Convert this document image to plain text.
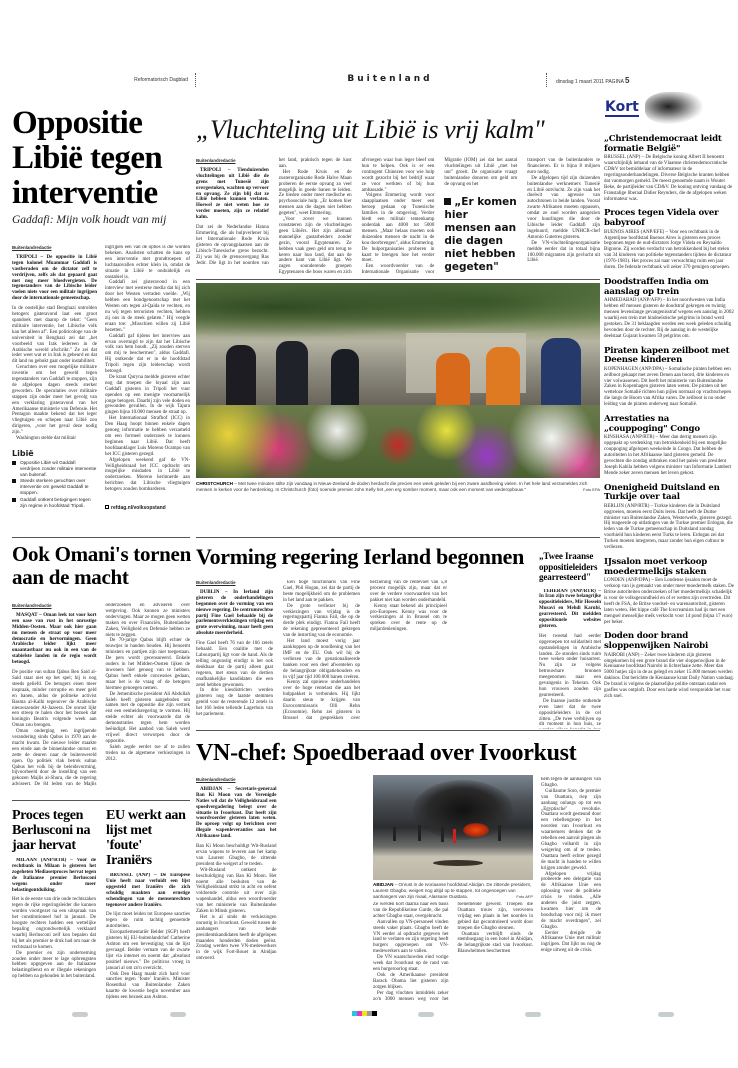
Reformatorisch Dagblad	Buitenland	dinsdag 1 maart 2011 PAGINA 5
Oppositie
Libië tegen
interventie
Gaddafi: Mijn volk houdt van mij
Buitenlandredactie

TRIPOLI – De oppositie in Libië tegen kolonel Muammar Gaddafi is vastberaden om de dictator zelf te verdrijven, zelfs als dat gepaard gaat met nog meer bloedvergieten. De tegenstanders van de Libische leider voelen niets voor een militair ingrijpen door de internationale gemeenschap.

In de oostelijke stad Benghazi ontrolden betogers gisteravond laat een groot spandoek met daarop de tekst: "Geen militaire interventie, het Libische volk kan het alleen af". Een politicologe van de universiteit in Benghazi zei dat „het voorbeeld van Irak iedereen in de Arabische wereld afschrikt." Ze zei dat ieder weet wat er in Irak is gebeurd en dat dit land nu gebukt gaat onder instabiliteit.

Geruchten over een mogelijke militaire inventie om het geweld tegen tegenstanders van Gaddafi te stoppen, zijn de afgelopen dagen steeds sterker geworden. De speculaties over militaire stappen zijn onder meer het gevolg van een verklaring gisteravond van het Amerikaanse ministerie van Defensie. Het Pentagon maakte bekend dat het leger vliegtuigen en schepen naar Libië zou dirigeren, „voor het geval deze nodig zijn."

Washington stelde dat militair

Libië
Oppositie Libië wil Gaddafi verdrijven zonder militaire interventie van buitenaf.
Steeds sterkere geruchten over interventie om geweld Gaddafi te stoppen.
Gaddafi ontkent betogingen tegen zijn regime in hoofdstad Tripoli.

ingrijpen een van de opties is die worden bekeken. Analisten schatten de kans op een interventie met grondtroepen of luchtaanvallen echter klein in, omdat de situatie in Libië te onduidelijk en onstabiel is.

Gaddafi zei gisteravond in een interview met westerse media dat hij zich door het Westen verraden voelde. „Wij hebben een bondgenootschap met het Westen om tegen al-Qaida te vechten, en nu wij tegen terroristen vechten, hebben zij ons in de steek gelaten." Hij voegde eraan toe: „Misschien willen zij Libië bezetten."

Gaddafi gaf tijdens het interview aan ervan overtuigd te zijn dat het Libische volk van hem houdt. „Zij zouden sterven om mij te beschermen", aldus Gaddafi. Hij ontkende dat er in de hoofdstad Tripoli tegen zijn leiderschap wordt betoogd.

De krant Quryna meldde gisteren echter nog dat troepen die loyaal zijn aan Gaddafi gisteren in Tripoli het vuur openden op een menigte voornamelijk jonge betogers. Daarbij zijn vele doden en gewonden gevallen. In de wijk Tajura gingen bijna 10.000 mensen de straat op.

Het Internationaal Strafhof (ICC) in Den Haag hoopt binnen enkele dagen genoeg informatie te hebben verzameld om een formeel onderzoek te kunnen beginnen naar Libië. Dat heeft hoofdaanklager Luis Moreno Ocampo van het ICC gisteren gezegd.

Afgelopen weekend gaf de VN-Veiligheidsraad het ICC opdracht om mogelijke misdaden in Libië te onderzoeken. Moreno herinnerde aan berichten dat Libische vliegtuigen betogers zouden bombarderen.

refdag.nl/volksopstand
„Vluchteling uit Libië is vrij kalm"
Buitenlandredactie

TRIPOLI – Tienduizenden vluchtelingen uit Libië die de grens met Tunesië zijn overgestoken, wachten op vervoer en opvang. Ze zijn blij dat ze Libië hebben kunnen verlaten. Hoewel ze niet weten hoe ze verder moeten, zijn ze relatief kalm.

Dat zei de Nederlandse Hanna Emmering, die als hulpverlener bij het Internationale Rode Kruis gisteren de opvangplaatsen aan de Libisch-Tunesische grens bezocht. Zij was bij de grensovergang Ras Jedir. Die ligt in het noorden van het land, praktisch tegen de kust aan.

Het Rode Kruis en de zusterorganisatie Rode Halve Maan proberen de eerste opvang zo veel mogelijk in goede banen te leiden. Ze bieden onder meer medische en psychosociale hulp. „Er komen hier mensen aan die dagen niet hebben gegeten", weet Emmering.

„Voor zover we kunnen constateren zijn de vluchtelingen geen Libiërs. Het zijn allemaal mannelijke gastarbeiders zonder gezin, vooral Egyptenaren. Ze hebben vaak geen geld om terug te keren naar hun land, dat aan de andere kant van Libië ligt. We zagen sounderende groepen Egyptenaren die boos waren en zich afvroegen waar hun leger bleef om hun te helpen. Ook is er een contingent Chinezen voor wie hulp wordt gezocht bij het bedrijf waar ze voor werkten of bij hun ambassade."

Volgens Emmering wordt voor slaapplaatsen onder meer een beroep gedaan op Tunesische families in de omgeving. Verder biedt een militair tentenkamp onderdak aan 4000 tot 5000 mensen. „Maar helaas moeten ook duizenden mensen de nacht in de kou doorbrengen", aldus Emmering. De hulporganisaties proberen in kaart te brengen hoe het verder moet.

Een woordvoerder van de Internationale Organisatie voor Migratie (IOM) zei dat het aantal vluchtelingen uit Libië „met het uur" groeit. De organisatie vraagt buitenlandse donoren om geld om de opvang en het

„Er komen hier mensen aan die dagen niet hebben gegeten"

transport van de buitenlanders te financieren. Er is bijna 8 miljoen euro nodig.

De afgelopen tijd zijn duizenden buitenlandse werknemers Tunesië en Libië ontvlucht. Ze zijn vaak het doelwit van agressie van autochtonen in beide landen. Vooral zwarte Afrikanen moeten oppassen, omdat ze snel worden aangezien voor huurlingen die door de Libische leider Gaddafi zijn ingehuurd, meldde UNHCR-chef Antonio Guterres gisteren.

De VN-vluchtelingenorganisatie meldde eerder dat in totaal bijna 100.000 migranten zijn gevlucht uit Libië.

CHRISTCHURCH – Met twee minuten stilte zijn vandaag in Nieuw-Zeeland de doden herdacht die precies een week geleden bij een zware aardbeving vielen. In het hele land verzamelden zich mensen in kerken voor de herdenking. In Christchurch (foto) noemde premier John Kelly het „een erg somber moment, maar ook een moment van wederopbouw."	Foto EPA
Ook Omani's tornen aan de macht
Buitenlandredactie

MASQAT – Oman leek tot voor kort een oase van rust in het onrustige Midden-Oosten. Maar ook hier gaan nu mensen de straat op voor meer democratie en hervormingen. Geen Arabische leider lijkt meer onaantastbaar nu ook in een van de stabielste landen in de regio wordt betoogd.

De positie van sultan Qabus Ben Said al-Said staat niet op het spel; hij is nog steeds geliefd. De betogers eisen meer inspraak, minder corruptie en meer geld en banen, aldus de politieke activist Basma al-Kalhi tegenover de Arabische nieuwszender Al-Jazeera. De onrust lijkt een streep te halen door het bezoek dat koningin Beatrix volgende week aan Oman zou brengen.

Oman onderging een ingrijpende verandering sinds Qabus in 1970 aan de macht kwam. De nieuwe leider maakte een einde aan de binnenlandse onrust en zette de deuren naar de buitenwereld open. Op politiek vlak betrok sultan Qabus het volk bij de beleidsvorming, bijvoorbeeld door de instelling van een gekozen Majlis al-Shura, die de regering adviseert. De 84 leden van de Majlis onderzoeken en adviseren over wetgeving. Ook kunnen ze ministers ondervragen. Maar ze mogen geen wetten maken en over Financiën, Buitenlandse Zaken, Veiligheid en Defensie hebben ze niets te zeggen.

De 70-jarige Qabus blijft echter de touwtjes in handen houden. Hij benoemt ministers en partijen zijn niet toegestaan. De pers wordt gecensureerd. Enkele ouders in het Midden-Oosten lijken de inwoners hier genoeg van te hebben. Qabus heeft enkele concessies gedaan, maar het is de vraag of de betogers hiermee genoegen nemen.

De Jemenitische president Ali Abdullah Saleh heeft gisteren aangeboden om samen met de oppositie die zijn vertrek eist een eenheidsregering te vormen. Hij stelde echter als voorwaarde dat de demonstraties tegen hem worden beëindigd. Het aanbod van Saleh werd vrijwel direct verworpen door de oppositie.

Saleh zegde eerder toe af te zullen treden na de algemene verkiezingen in 2012.

Proces tegen Berlusconi na jaar hervat

MILAAN (ANP/RTR) – Voor de rechtbank in Milaan is gisteren het zogeheten Mediasetproces hervat tegen de Italiaanse premier Berlusconi wegens onder meer belastingontduiking.

Het is de eerste van drie oude rechtszaken tegen de rijke regeringsleider die kunnen worden voortgezet na een uitspraak van het constitutioneel hof in januari. De hoogste rechters hadden een wettelijke bepaling ongrondwettelijk verklaard waarbij Berlusconi zelf kon bepalen dat hij het als premier te druk had om naar de rechtszaal te komen.

De premier en zijn onderneming zouden onder meer te lage opbrengsten hebben opgegeven aan de Italiaanse belastingdienst en er illegale rekeningen op hebben na gehouden in het buitenland.

EU werkt aan lijst met 'foute' Iraniërs

BRUSSEL (ANP) – De Europese Unie heeft naar verluidt een lijst opgesteld met Iraniërs die zich schuldig maakten aan ernstige schendingen van de mensenrechten tegenover andere Iraniërs.

De lijst moet leiden tot Europese sancties tegen de ruim tachtig genoemde autoriteiten.

Europarlementariër Belder (SGP) heeft gisteren bij EU-buitenlandchef Catherine Ashton om een bevestiging van de lijst gevraagd. Belder vernam van de zwarte lijst via internet en noemt dat „absoluut positief nieuws." De politicus vroeg in januari al om zo'n overzicht.

Ook Den Haag maakt zich hard voor sancties tegen 'foute' Iraniërs. Minister Rosenthal van Buitenlandse Zaken kaartte de kwestie begin november aan tijdens een bezoek aan Ashton.

Vorming regering Ierland begonnen
Buitenlandredactie

DUBLIN – In Ierland zijn gisteren de onderhandelingen begonnen over de vorming van een nieuwe regering. De centrumrechtse partij Fine Gael behaalde bij de parlementsverkiezingen vrijdag een grote overwinning, maar heeft geen absolute meerderheid.

Fine Gael heeft 76 van de 166 zetels behaald. Een coalitie met de Labourpartij ligt voor de hand. Als de telling ongunstig eindigt is het ook denkbaar dat de partij alleen gaat regeren, met steun van de dertien onafhankelijke kandidaten die een zetel hebben gewonnen.

In drie kiesdistricten werden gisteren nog de laatste stemmen geteld voor de resterende 12 zetels in het 166 leden tellende Lagerhuis van het parlement.

Een hoge functionaris van Fine Gael, Phil Hogan, zei dat de partij de beste mogelijkheid om de problemen in het land aan te pakken.

De grote verliezer bij de verkiezingen van vrijdag is de regeringspartij Fianna Fail, die op de derde plek eindigt. Fianna Fail heeft de rekening gepresenteerd gekregen van de instorting van de economie.

Het land moest vorig jaar aankloppen op de noodlening van het IMF en de EU. Ook wil hij de verliezen van de genationaliseerde banken voor een deel afwentelen op de belangrijkste obligatiehouders en in vijf jaar tijd 100.000 banen creëren.

Kenny zal opnieuw onderhandelen over de hoge rentelast die aan het hulppakket is verbonden. Hij lijkt daarin steun te krijgen van Eurocommissaris Olli Rehn (Economie). Rehn zei gisteren in Brussel dat gesprekken over herziening van de rentevoet van 5,8 procent mogelijk zijn, maar dat er over de verdere voorwaarden van het pakket niet kan worden onderhandeld.

Kenny staat bekend als principieel pro-Europees. Kenny was voor de verkiezingen al in Brussel om te spreken over de rente op de miljardenleningen.

„Twee Iraanse oppositieleiders gearresteerd"

TEHERAN (ANP/RTR) – In Iran zijn twee belangrijke oppositieleiders, Mir Hossein Musavi en Mehdi Karubi, gearresteerd. Dit meldden oppositionele websites gisteren.

Het tweetal had eerder opgeroepen tot solidariteit met opstandelingen in Arabische landen. Ze stonden sinds ruim twee weken onder huisarrest. Nu zijn ze volgens betrouwbare bronnen meegenomen naar een gevangenis in Teheran. Ook hun vrouwen zouden zijn gearresteerd.

De Iraanse justitie ontkende even later dat de twee oppositieleiders in de cel zitten. „De twee verblijven op dit moment in hun huis, ze

VN-chef: Spoedberaad over Ivoorkust
Buitenlandredactie

ABIDJAN – Secretaris-generaal Ban Ki Moon van de Verenigde Naties wil dat de Veiligheidsraad een spoedvergadering belegt over de situatie in Ivoorkust. Dat heeft zijn woordvoerder gisteren laten weten. De oproep volgt op berichten over illegale wapenleveranties aan het Afrikaanse land.

Ban Ki Moon beschuldigt Wit-Rusland ervan wapens te leveren aan het kamp van Laurent Gbagbo, de zittende president die weigert af te treden.

Wit-Rusland ontkent de beschuldiging van Ban Ki Moon. Het noemt alle besluiten van de Veiligheidsraad strikt in acht en oefent voldoende controle uit over zijn wapenhandel, aldus een woordvoerder van het ministerie van Buitenlandse Zaken in Minsk gisteren.

Het is al sinds de verkiezingen onrustig in Ivoorkust. Geweld tussen de aanhangers van beide presidentskandidaten heeft de afgelopen maanden honderden doden geëist. Zondag werden twee VN-medewerkers in de wijk Fort-Bouet in Abidjan ontvoerd.

ABIDJAN – Onrust in de Ivoriaanse hoofdstad Abidjan. De zittende president, Laurent Gbagbo, weigert nog altijd op te stappen, tot ongenoegen van aanhangers van zijn rivaal, Alassane Ouattara.	Foto AFP

Ze werden kort daarna naar een basis van de Republikeinse Garde, die pal achter Gbagbo staat, overgebracht.

Aanvallen op VN-personeel vinden steeds vaker plaats. Gbagbo heeft de VN eerder al opdracht gegeven het land te verlaten en zijn regering heeft burgers opgeroepen om VN-medewerkers aan te vallen.

De VN waarschuwden eind vorige week dat Ivoorkust op de rand van een burgeroorlog staat.

Ook de Amerikaanse president Barack Obama liet gisteren zijn zorgen blijken.

Per dag vluchten inmiddels zeker zo'n 3000 mensen weg voor het toenemende geweld. Troepen die Ouattara trouw zijn, veroveren vrijdag een plaats in het noorden in gebied dat gecontroleerd wordt door troepen die Gbagbo steunen.

Ouattara verblijft sinds de stembusgang in een hotel in Abidjan, de belangrijkste stad van Ivoorkust. Blauwhelmen beschermen

hem tegen de aanhangers van Gbagbo.

Guillaume Soro, de premier van Ouattara, riep zijn aanhang onlangs op tot een „Egyptische" revolutie. Ouattara wordt gesteund door een rebellengroep in het noorden van Ivoorkust en waarnemers denken dat de rebellen een aanval plegen als Gbagbo volhardt in zijn weigering om af te treden. Ouattara heeft echter gezegd de macht in handen te willen krijgen zonder geweld.

Afgelopen vrijdag probeerde een delegatie van de Afrikaanse Unie een oplossing voor de politieke crisis te vinden. „Alle anderen die juist zeggen, kwamen hier om de boodschap voor mij: ik moet de macht overdragen", zei Gbagbo.

Eerder dreigde de Afrikaanse Unie met militair ingrijpen. Dat lijkt nu nog de enige uitweg uit de crisis.

Kort
„Christendemocraat leidt formatie België"
BRUSSEL (ANP) – De Belgische koning Albert II benoemt waarschijnlijk iemand van de Vlaamse christendemocratische CD&V tot bemiddelaar of informateur in de regeringsonderhandelingen. Diverse Belgische kranten hebben dat vanmorgen gemeld. De meest genoemde naam is Wouter Beke, de partijleider van CD&V. De koning ontving vandaag de Franstalige liberaal Didier Reynders, die de afgelopen weken informateur was.
Proces tegen Videla over babyroof
BUENOS AIRES (ANP/EFE) – Voor een rechtbank in de Argentijnse hoofdstad Buenos Aires is gisteren een proces begonnen tegen de oud-dictators Jorge Videla en Reynaldo Bignone. Zij worden verdacht van betrokkenheid bij het stelen van 34 kinderen van politieke tegenstanders tijdens de dictatuur (1976-1983). Het proces zal naar verwachting ruim een jaar duren. De federale rechtbank wil zeker 370 getuigen oproepen.
Doodstraffen India om aanslag op trein
AHMEDABAD (ANP/AFP) – In het noordwesten van India hebben elf mensen gisteren de doodstraf gekregen en twintig mensen levenslange gevangenisstraf wegens een aanslag in 2002 waarbij een trein met hindoeïstische pelgrims in brand werd gestoken. De 31 beklaagden werden een week geleden schuldig bevonden door de rechter. Bij de aanslag in de westelijke deelstaat Gujarat kwamen 59 pelgrims om.
Piraten kapen zeilboot met Deense kinderen
KOPENHAGEN (ANP/DPA) – Somalische piraten hebben een zeilboot gekaapt met zeven Denen aan boord, drie kinderen en vier volwassenen. Dit heeft het ministerie van Buitenlandse Zaken in Kopenhagen gisteren laten weten. De piraten uit het wetteloze Somalië richten hun pijlen normaal op vrachtschepen die langs de Hoorn van Afrika varen. De zeilboot is nu onder leiding van de piraten onderweg naar Somalië.
Arrestaties na „couppoging" Congo
KINSHASA (ANP/RTR) – Meer dan dertig mensen zijn opgepakt op verdenking van betrokkenheid bij een mogelijke couppoging afgelopen weekeinde in Congo. Dat hebben de autoriteiten in het Afrikaanse land gisteren gemeld. De gevechten die zondag uitbraken rond het paleis van president Joseph Kabila hebben volgens minister van Informatie Lambert Mende zeker zeven mensen het leven gekost.
Onenigheid Duitsland en Turkije over taal
BERLIJN (ANP/RTR) – Turkse kinderen die in Duitsland opgroeien, moeten eerst Duits leren. Dat heeft de Duitse minister van Buitenlandse Zaken, Westerwelle, gisteren gezegd. Hij reageerde op uitlatingen van de Turkse premier Erdogan, die leden van de Turkse gemeenschap in Duitsland zondag voorhield hun kinderen eerst Turks te leren. Erdogan zei dat Turken moeten integreren, maar zonder hun eigen cultuur te verliezen.
IJssalon moet verkoop moedermelkijs staken
LONDEN (ANP/DPA) – Een Londense ijssalon moet de verkoop van ijs gemaakt van onder meer moedermelk staken. De Britse autoriteiten onderzoeken of het moedermelkijs schadelijk is voor de volksgezondheid en of er wetten zijn overtreden. Dit heeft de FSA, de Britse voedsel- en warenautoriteit, gisteren laten weten. Het hippe café The Icecreamists had ijs met een mengsel menselijke melk verkocht voor 14 pond (bijna 17 euro) per beker.
Doden door brand sloppenwijken Nairobi
NAIROBI (ANP) – Zeker twee kinderen zijn gisteren omgekomen bij een grote brand die vier sloppenwijken in de Keniaanse hoofdstad Nairobi in lichterlaaie zette. Meer dan 5000 hutjes zijn in de as gelegd en zeker 15.000 mensen werden dakloos. Dat berichtte de Keniaanse krant Daily Nation vandaag. De brand is volgens de plaatselijke politie ontstaan nadat een gasfles was ontploft. Door een harde wind verspreidde het vuur zich snel.
